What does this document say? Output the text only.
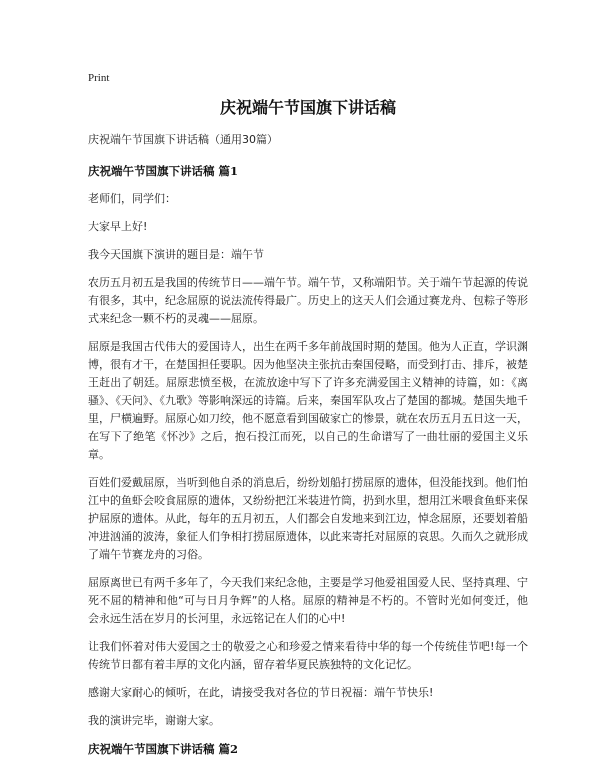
Print
庆祝端午节国旗下讲话稿

庆祝端午节国旗下讲话稿（通用30篇）

庆祝端午节国旗下讲话稿 篇1

老师们，同学们：

大家早上好!

我今天国旗下演讲的题目是：端午节

农历五月初五是我国的传统节日——端午节。端午节，又称端阳节。关于端午节起源的传说有很多，其中，纪念屈原的说法流传得最广。历史上的这天人们会通过赛龙舟、包粽子等形式来纪念一颗不朽的灵魂——屈原。

屈原是我国古代伟大的爱国诗人，出生在两千多年前战国时期的楚国。他为人正直，学识渊博，很有才干，在楚国担任要职。因为他坚决主张抗击秦国侵略，而受到打击、排斥，被楚王赶出了朝廷。屈原悲愤至极，在流放途中写下了许多充满爱国主义精神的诗篇，如：《离骚》、《天问》、《九歌》等影响深远的诗篇。后来，秦国军队攻占了楚国的都城。楚国失地千里，尸横遍野。屈原心如刀绞，他不愿意看到国破家亡的惨景，就在农历五月五日这一天，在写下了绝笔《怀沙》之后，抱石投江而死，以自己的生命谱写了一曲壮丽的爱国主义乐章。

百姓们爱戴屈原，当听到他自杀的消息后，纷纷划船打捞屈原的遗体，但没能找到。他们怕江中的鱼虾会咬食屈原的遗体，又纷纷把江米装进竹筒，扔到水里，想用江米喂食鱼虾来保护屈原的遗体。从此，每年的五月初五，人们都会自发地来到江边，悼念屈原，还要划着船冲进汹涌的波涛，象征人们争相打捞屈原遗体，以此来寄托对屈原的哀思。久而久之就形成了端午节赛龙舟的习俗。

屈原离世已有两千多年了，今天我们来纪念他，主要是学习他爱祖国爱人民、坚持真理、宁死不屈的精神和他“可与日月争辉”的人格。屈原的精神是不朽的。不管时光如何变迁，他会永远生活在岁月的长河里，永远铭记在人们的心中!

让我们怀着对伟大爱国之士的敬爱之心和珍爱之情来看待中华的每一个传统佳节吧!每一个传统节日都有着丰厚的文化内涵，留存着华夏民族独特的文化记忆。

感谢大家耐心的倾听，在此，请接受我对各位的节日祝福：端午节快乐!

我的演讲完毕，谢谢大家。

庆祝端午节国旗下讲话稿 篇2
